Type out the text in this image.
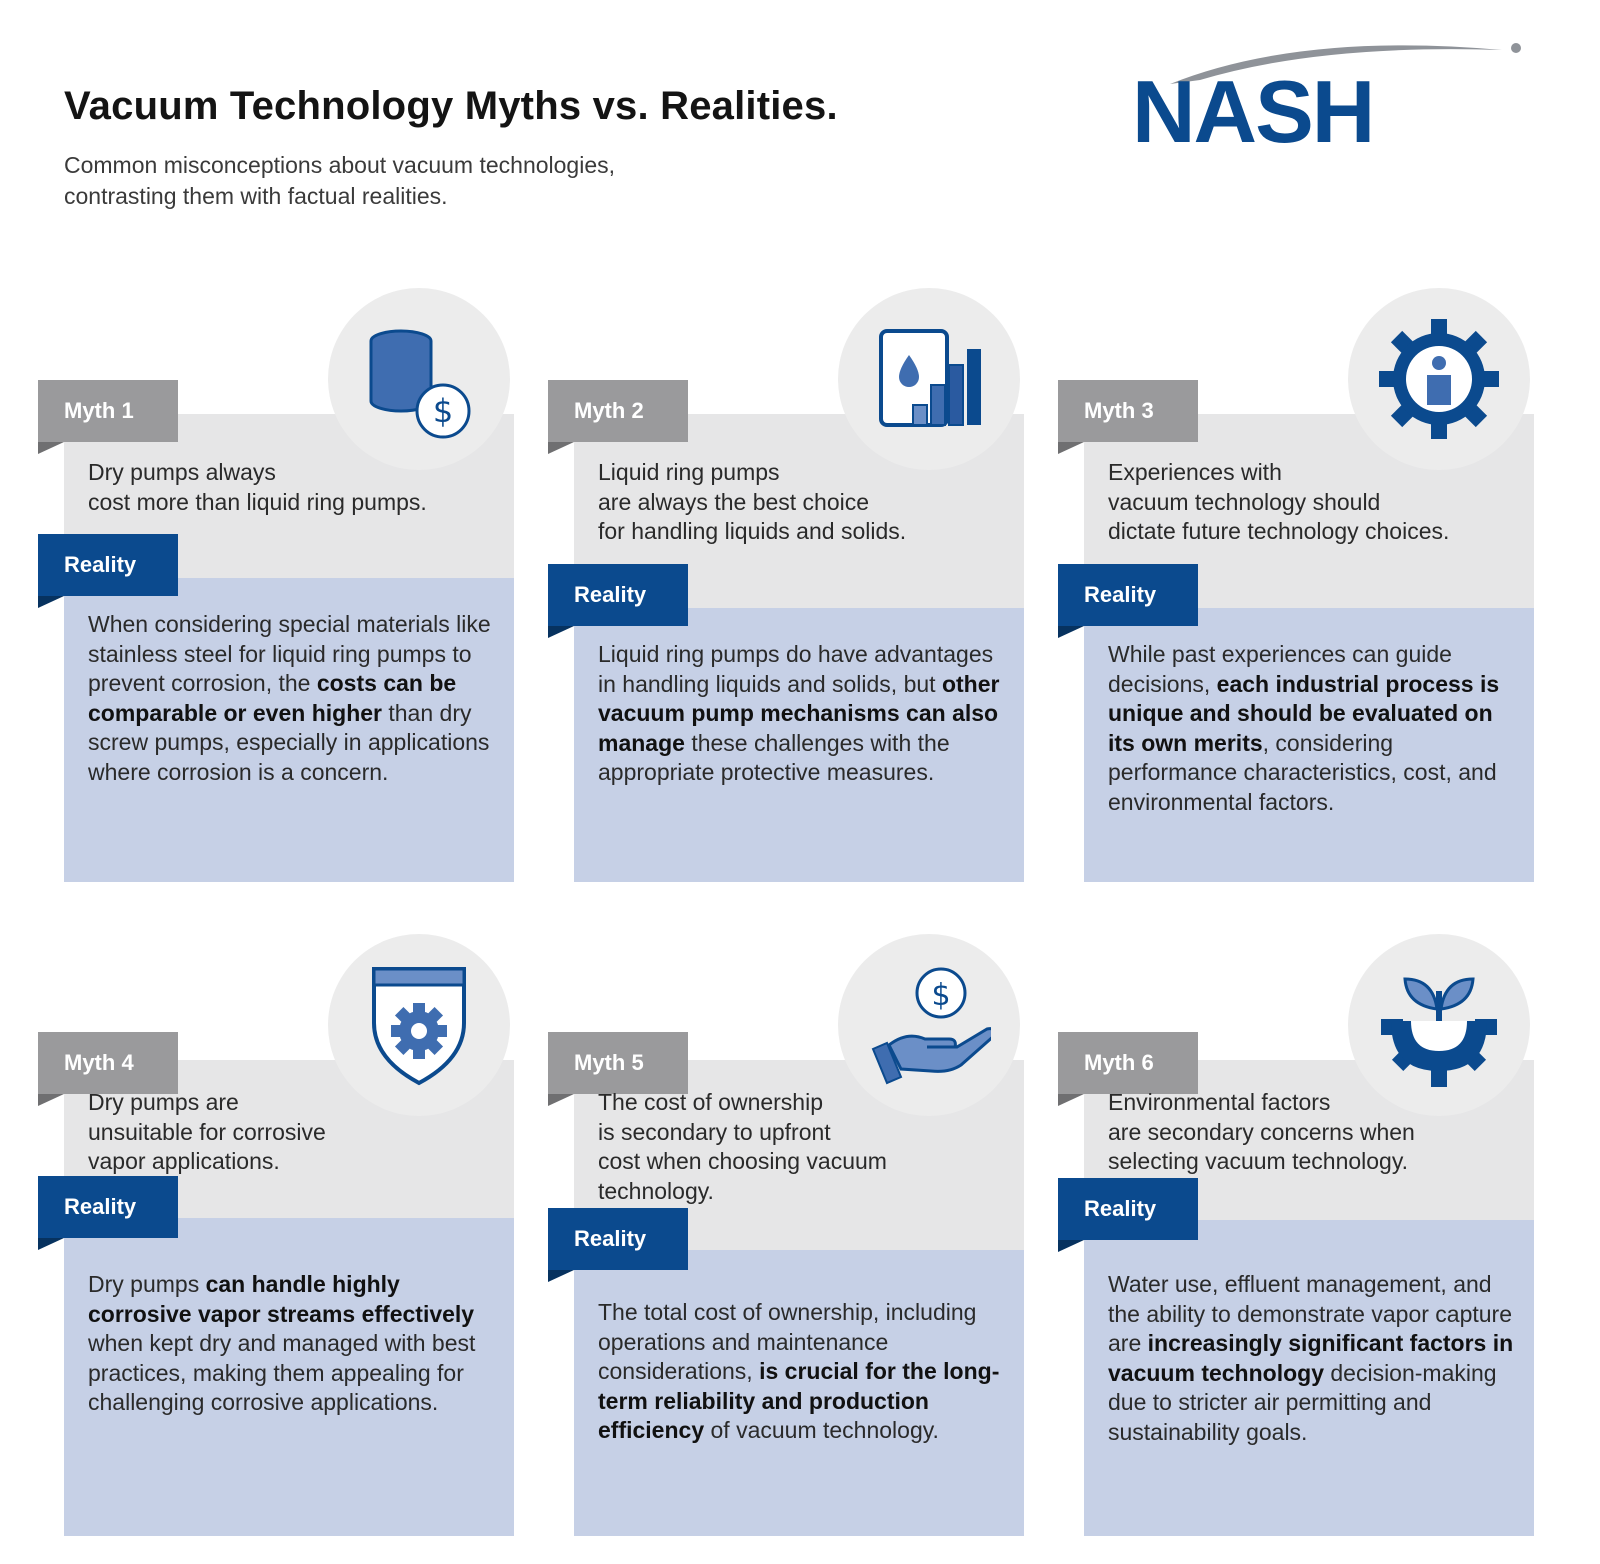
Vacuum Technology Myths vs. Realities.
Common misconceptions about vacuum technologies,
contrasting them with factual realities.
NASH
$
Myth 1
Dry pumps always
cost more than liquid ring pumps.
Reality
When considering special materials like stainless steel for liquid ring pumps to prevent corrosion, the costs can be comparable or even higher than dry screw pumps, especially in applications where corrosion is a concern.
Myth 2
Liquid ring pumps
are always the best choice
for handling liquids and solids.
Reality
Liquid ring pumps do have advantages in handling liquids and solids, but other vacuum pump mechanisms can also manage these challenges with the appropriate protective measures.
Myth 3
Experiences with
vacuum technology should
dictate future technology choices.
Reality
While past experiences can guide decisions, each industrial process is unique and should be evaluated on its own merits, considering performance characteristics, cost, and environmental factors.
Myth 4
Dry pumps are
unsuitable for corrosive
vapor applications.
Reality
Dry pumps can handle highly corrosive vapor streams effectively when kept dry and managed with best practices, making them appealing for challenging corrosive applications.
$
Myth 5
The cost of ownership
is secondary to upfront
cost when choosing vacuum
technology.
Reality
The total cost of ownership, including operations and maintenance considerations, is crucial for the long-term reliability and production efficiency of vacuum technology.
Myth 6
Environmental factors
are secondary concerns when
selecting vacuum technology.
Reality
Water use, effluent management, and the ability to demonstrate vapor capture are increasingly significant factors in vacuum technology decision-making due to stricter air permitting and sustainability goals.
